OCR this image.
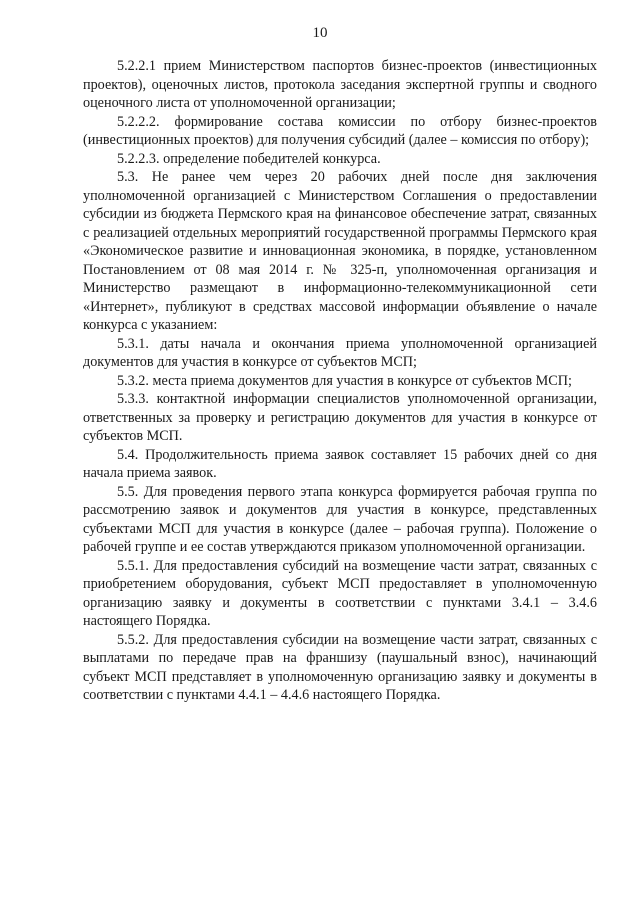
10

5.2.2.1 прием Министерством паспортов бизнес-проектов (инвестиционных проектов), оценочных листов, протокола заседания экспертной группы и сводного оценочного листа от уполномоченной организации;

5.2.2.2. формирование состава комиссии по отбору бизнес-проектов (инвестиционных проектов) для получения субсидий (далее – комиссия по отбору);

5.2.2.3. определение победителей конкурса.

5.3. Не ранее чем через 20 рабочих дней после дня заключения уполномоченной организацией с Министерством Соглашения о предоставлении субсидии из бюджета Пермского края на финансовое обеспечение затрат, связанных с реализацией отдельных мероприятий государственной программы Пермского края «Экономическое развитие и инновационная экономика, в порядке, установленном Постановлением от 08 мая 2014 г. № 325-п, уполномоченная организация и Министерство размещают в информационно-телекоммуникационной сети «Интернет», публикуют в средствах массовой информации объявление о начале конкурса с указанием:

5.3.1. даты начала и окончания приема уполномоченной организацией документов для участия в конкурсе от субъектов МСП;

5.3.2. места приема документов для участия в конкурсе от субъектов МСП;

5.3.3. контактной информации специалистов уполномоченной организации, ответственных за проверку и регистрацию документов для участия в конкурсе от субъектов МСП.

5.4. Продолжительность приема заявок составляет 15 рабочих дней со дня начала приема заявок.

5.5. Для проведения первого этапа конкурса формируется рабочая группа по рассмотрению заявок и документов для участия в конкурсе, представленных субъектами МСП для участия в конкурсе (далее – рабочая группа). Положение о рабочей группе и ее состав утверждаются приказом уполномоченной организации.

5.5.1. Для предоставления субсидий на возмещение части затрат, связанных с приобретением оборудования, субъект МСП предоставляет в уполномоченную организацию заявку и документы в соответствии с пунктами 3.4.1 – 3.4.6 настоящего Порядка.

5.5.2. Для предоставления субсидии на возмещение части затрат, связанных с выплатами по передаче прав на франшизу (паушальный взнос), начинающий субъект МСП представляет в уполномоченную организацию заявку и документы в соответствии с пунктами 4.4.1 – 4.4.6 настоящего Порядка.
